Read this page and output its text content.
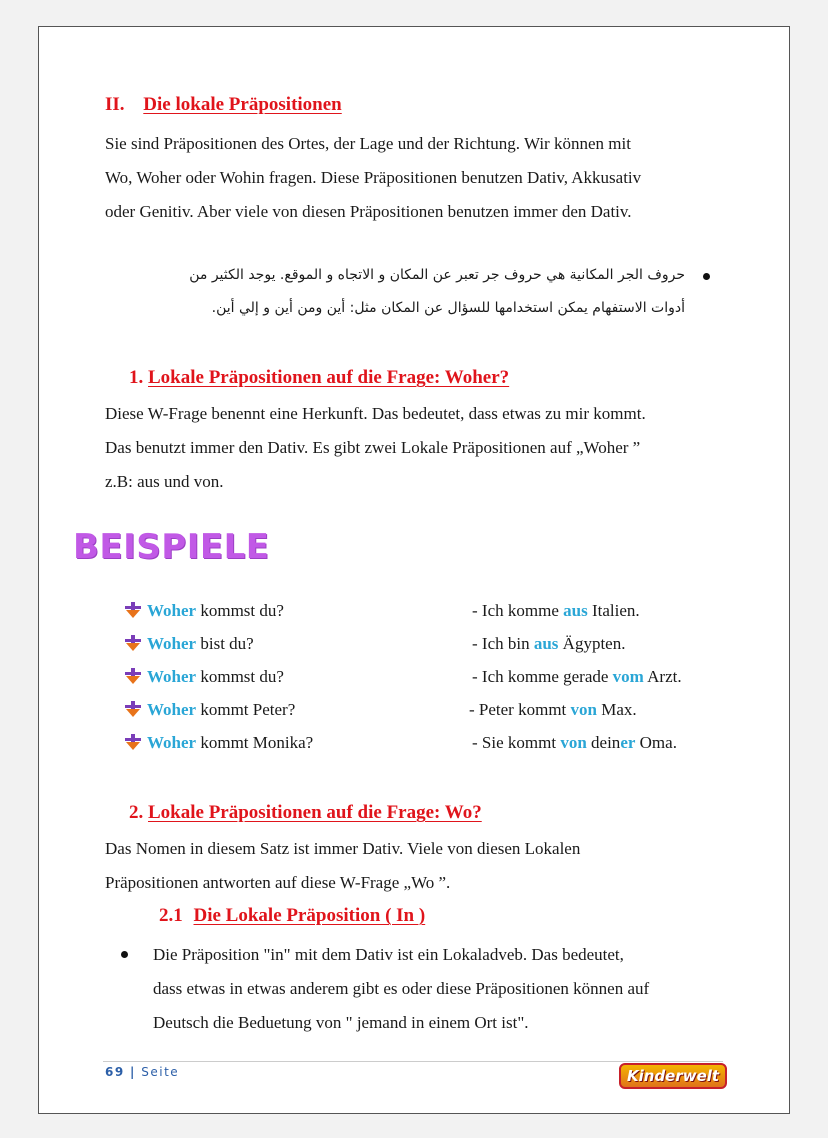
II. Die lokale Präpositionen
Sie sind Präpositionen des Ortes, der Lage und der Richtung. Wir können mit
Wo, Woher oder Wohin fragen. Diese Präpositionen benutzen Dativ, Akkusativ
oder Genitiv. Aber viele von diesen Präpositionen benutzen immer den Dativ.
حروف الجر المكانية هي حروف جر تعبر عن المكان و الاتجاه و الموقع. يوجد الكثير من
أدوات الاستفهام يمكن استخدامها للسؤال عن المكان مثل: أين ومن أين و إلي أين.
1. Lokale Präpositionen auf die Frage: Woher?
Diese W-Frage benennt eine Herkunft. Das bedeutet, dass etwas zu mir kommt.
Das benutzt immer den Dativ. Es gibt zwei Lokale Präpositionen auf „Woher ”
z.B: aus und von.
BEISPIELE
2. Lokale Präpositionen auf die Frage: Wo?
Das Nomen in diesem Satz ist immer Dativ. Viele von diesen Lokalen
Präpositionen antworten auf diese W-Frage „Wo ”.
2.1 Die Lokale Präposition ( In )
Die Präposition "in" mit dem Dativ ist ein Lokaladveb. Das bedeutet,
dass etwas in etwas anderem gibt es oder diese Präpositionen können auf
Deutsch die Beduetung von " jemand in einem Ort ist".
69 | Seite	Kinderwelt
Woher kommst du?	- Ich komme aus Italien.
Woher bist du?	- Ich bin aus Ägypten.
Woher kommst du?	- Ich komme gerade vom Arzt.
Woher kommt Peter?	- Peter kommt von Max.
Woher kommt Monika?	- Sie kommt von deiner Oma.
